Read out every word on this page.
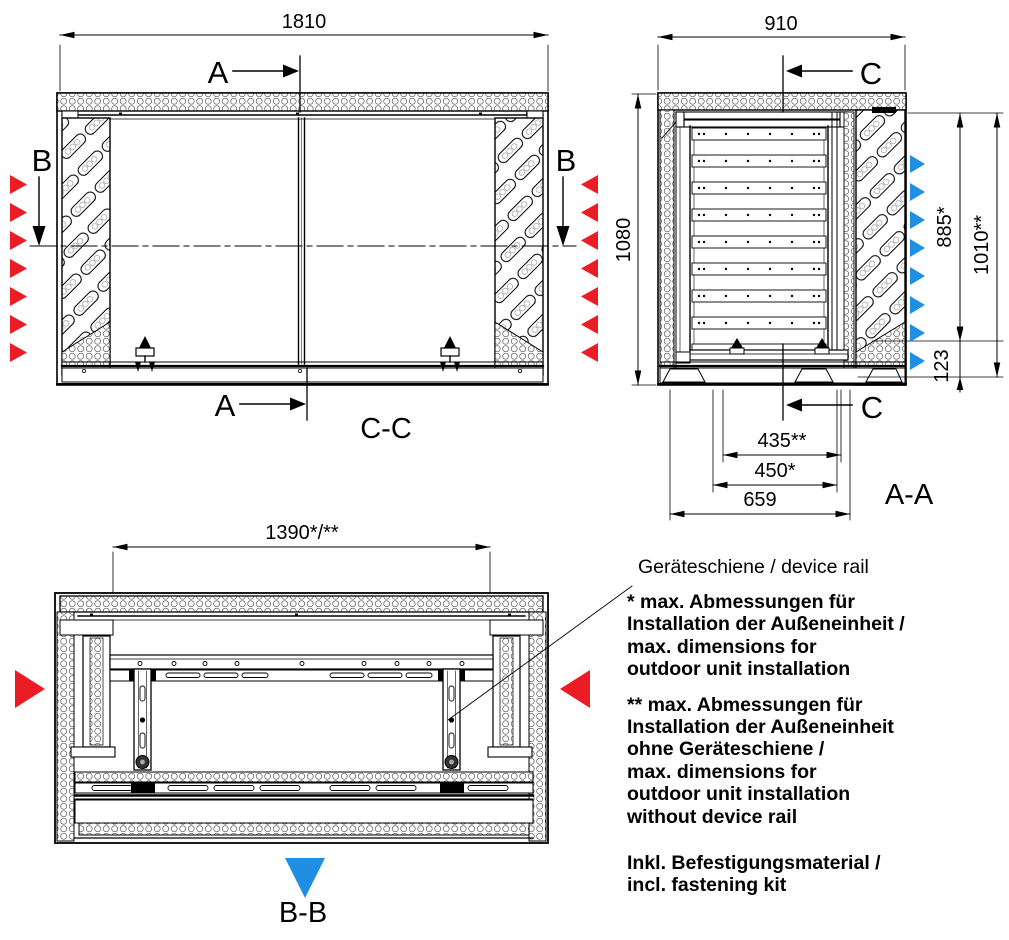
1810
A
A
B	B
C-C
910
C
C
1080	885* 1010**
123
435**
450*
659	A-A
1390*/**
B-B

Geräteschiene / device rail

* max. Abmessungen für
Installation der Außeneinheit /
max. dimensions for
outdoor unit installation

** max. Abmessungen für
Installation der Außeneinheit
ohne Geräteschiene /
max. dimensions for
outdoor unit installation
without device rail

Inkl. Befestigungsmaterial /
incl. fastening kit
